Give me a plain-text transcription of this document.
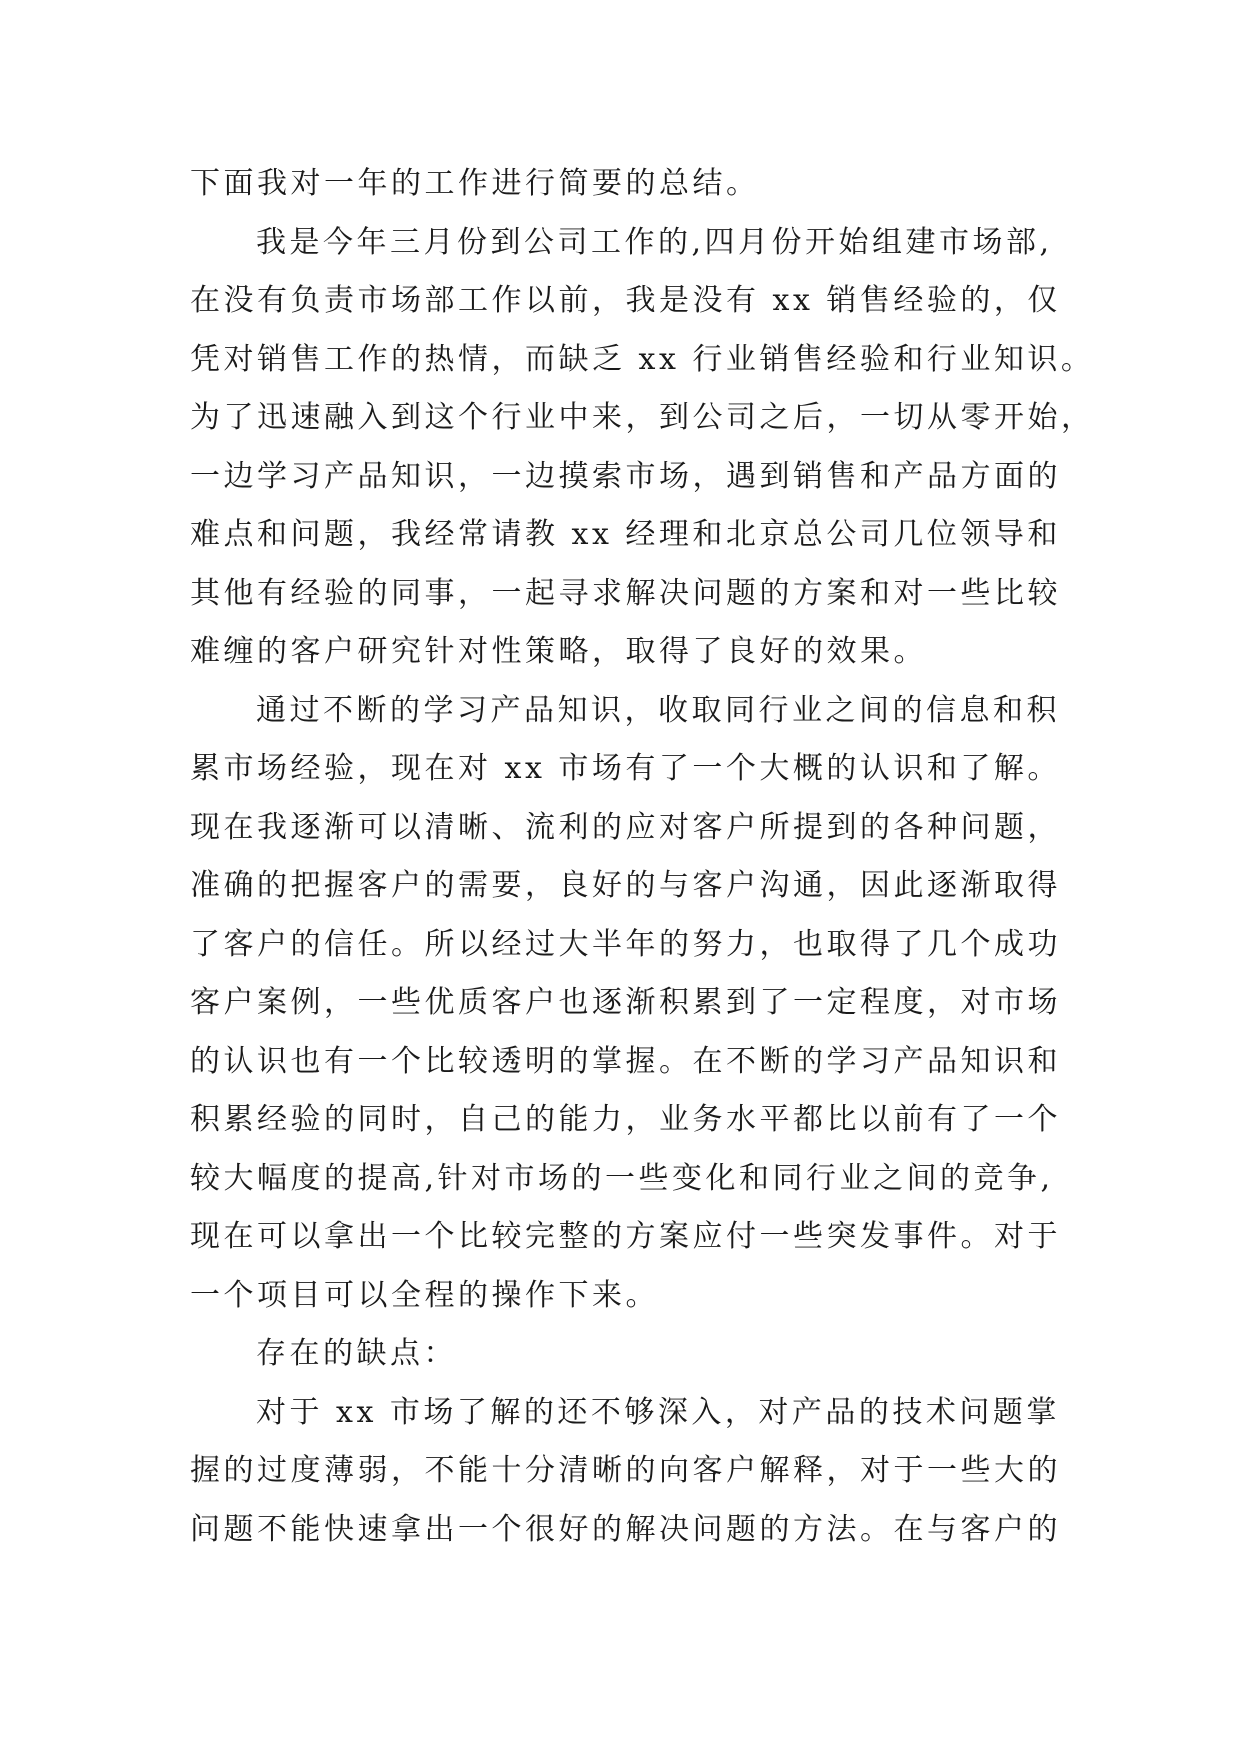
下面我对一年的工作进行简要的总结。
我是今年三月份到公司工作的,四月份开始组建市场部,
在没有负责市场部工作以前，我是没有 xx 销售经验的，仅
凭对销售工作的热情，而缺乏 xx 行业销售经验和行业知识。
为了迅速融入到这个行业中来，到公司之后，一切从零开始，
一边学习产品知识，一边摸索市场，遇到销售和产品方面的
难点和问题，我经常请教 xx 经理和北京总公司几位领导和
其他有经验的同事，一起寻求解决问题的方案和对一些比较
难缠的客户研究针对性策略，取得了良好的效果。
通过不断的学习产品知识，收取同行业之间的信息和积
累市场经验，现在对 xx 市场有了一个大概的认识和了解。
现在我逐渐可以清晰、流利的应对客户所提到的各种问题，
准确的把握客户的需要，良好的与客户沟通，因此逐渐取得
了客户的信任。所以经过大半年的努力，也取得了几个成功
客户案例，一些优质客户也逐渐积累到了一定程度，对市场
的认识也有一个比较透明的掌握。在不断的学习产品知识和
积累经验的同时，自己的能力，业务水平都比以前有了一个
较大幅度的提高,针对市场的一些变化和同行业之间的竞争,
现在可以拿出一个比较完整的方案应付一些突发事件。对于
一个项目可以全程的操作下来。
存在的缺点：
对于 xx 市场了解的还不够深入，对产品的技术问题掌
握的过度薄弱，不能十分清晰的向客户解释，对于一些大的
问题不能快速拿出一个很好的解决问题的方法。在与客户的
